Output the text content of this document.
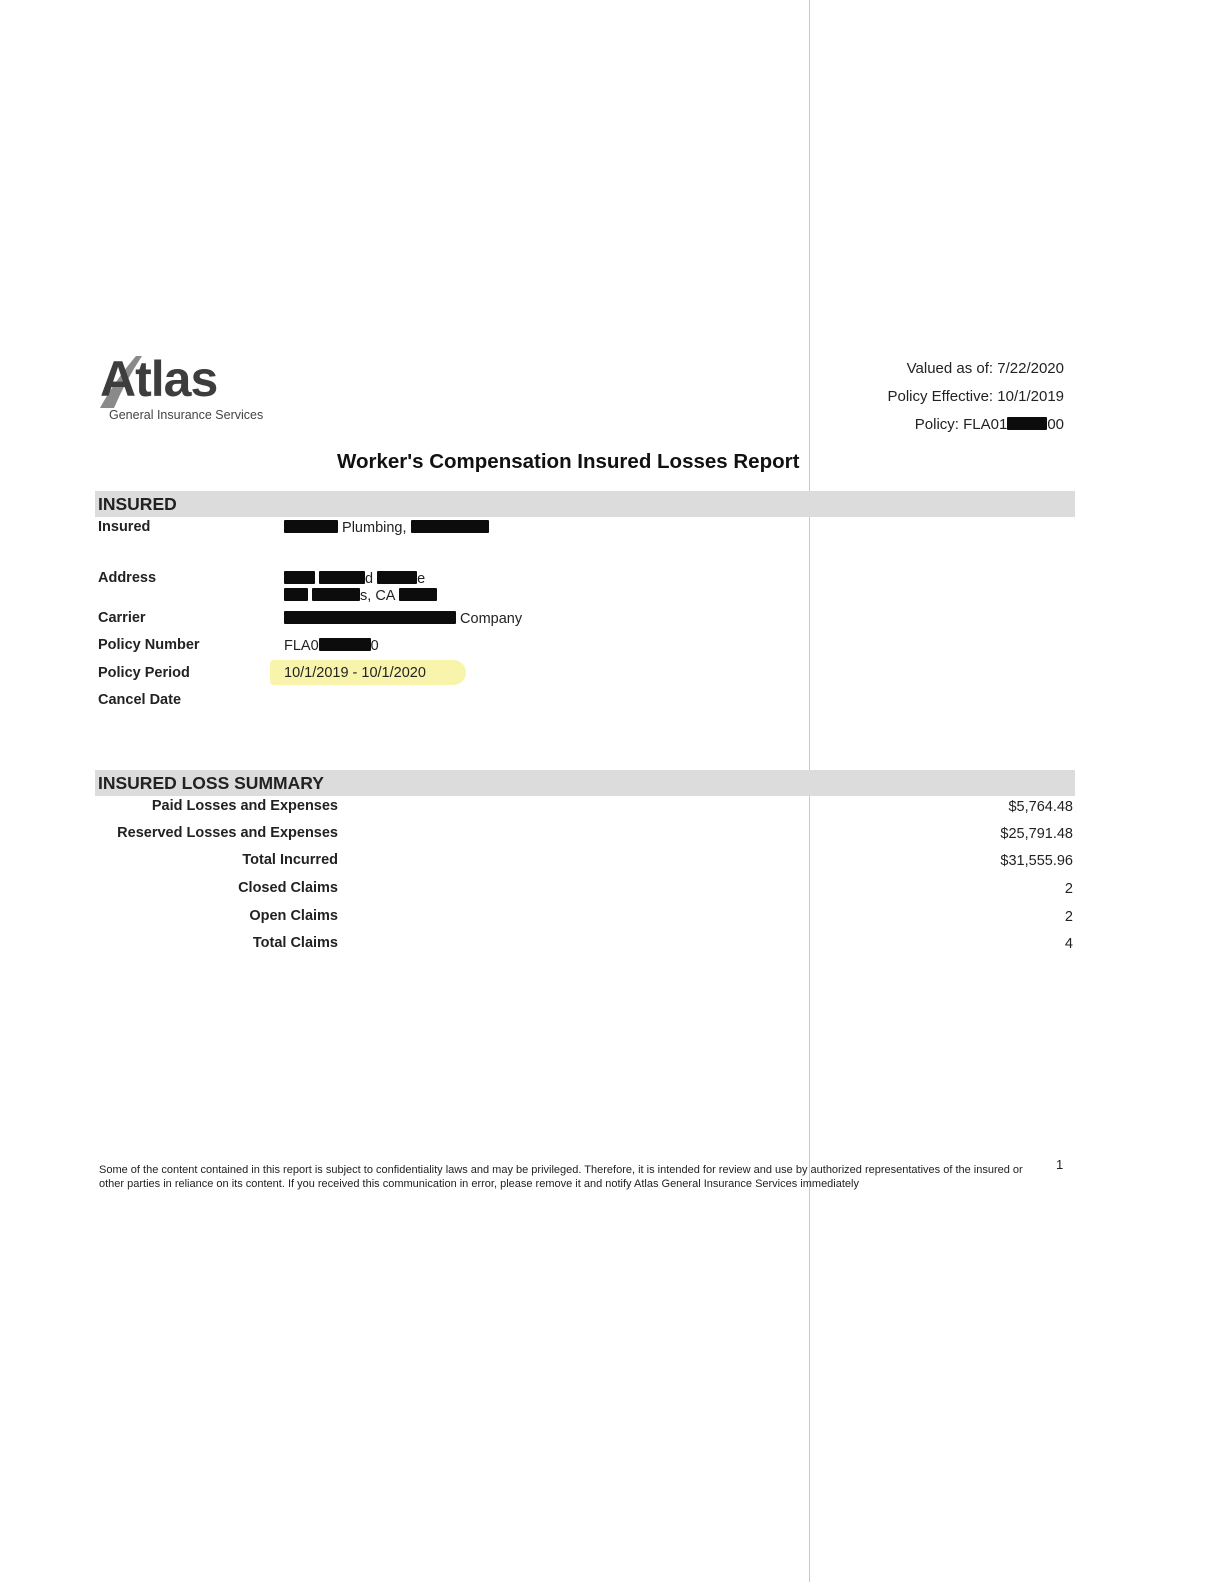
Atlas
General Insurance Services
Valued as of: 7/22/2020
Policy Effective: 10/1/2019
Policy: FLA01	00
Worker's Compensation Insured Losses Report
INSURED
Insured	Plumbing,
Address	d	e
s, CA
Carrier	Company
Policy Number	FLA0	0
Policy Period	10/1/2019 - 10/1/2020
Cancel Date
INSURED LOSS SUMMARY
Paid Losses and Expenses	$5,764.48
Reserved Losses and Expenses	$25,791.48
Total Incurred	$31,555.96
Closed Claims	2
Open Claims	2
Total Claims	4
Some of the content contained in this report is subject to confidentiality laws and may be privileged. Therefore, it is intended for review and use by authorized representatives of the insured or other parties in reliance on its content. If you received this communication in error, please remove it and notify Atlas General Insurance Services immediately
1
